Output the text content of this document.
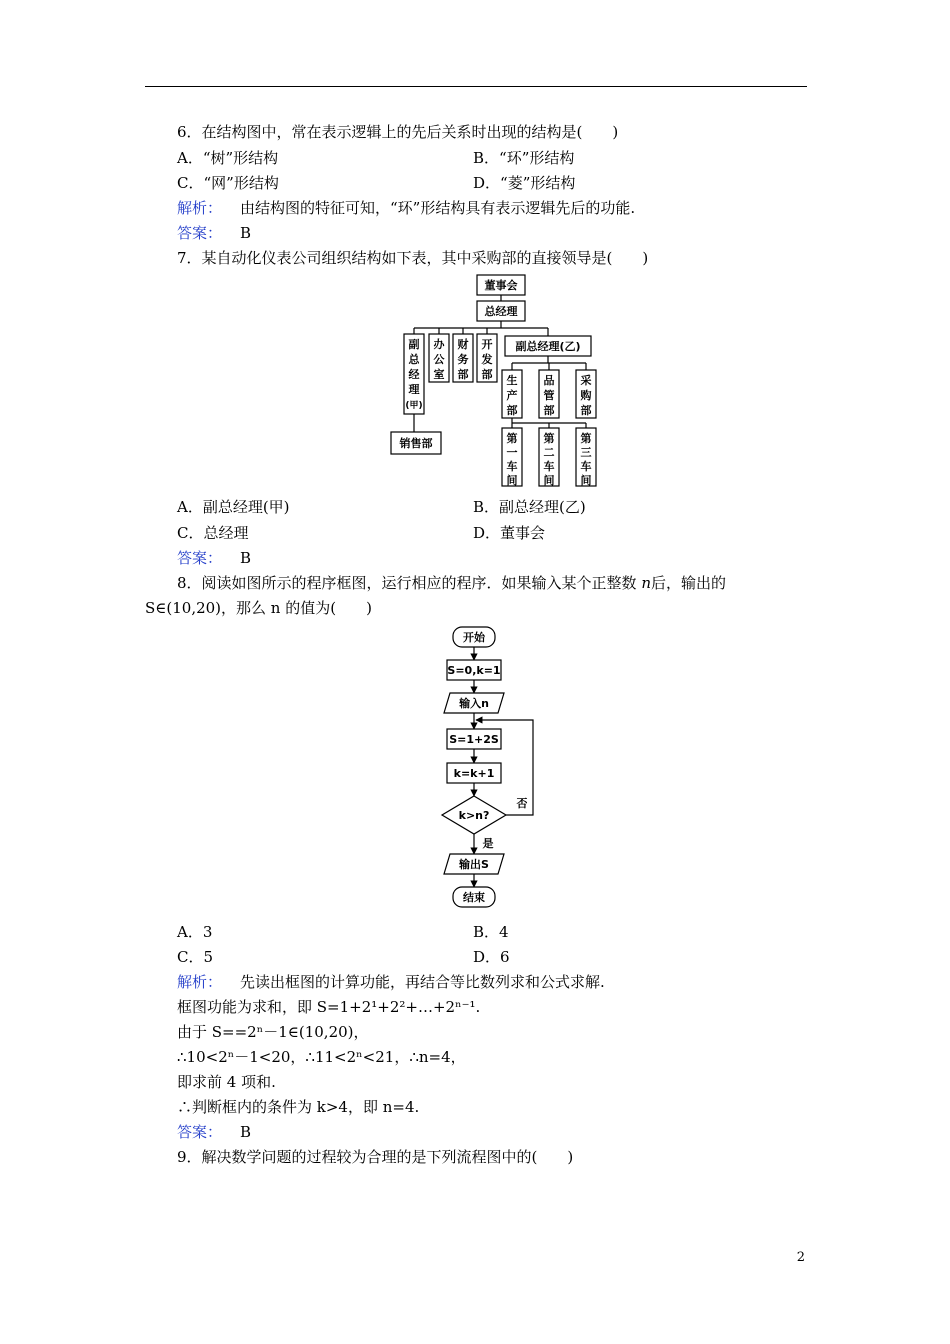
6．在结构图中，常在表示逻辑上的先后关系时出现的结构是(　　)
A．“树”形结构	B．“环”形结构
C．“网”形结构	D．“菱”形结构
解析： 由结构图的特征可知，“环”形结构具有表示逻辑先后的功能.
答案： B
7．某自动化仪表公司组织结构如下表，其中采购部的直接领导是(　　)
董事会
总经理
副总经理(乙)
销售部
副
总
经
理
(甲)
办
公
室
财
务
部
开
发
部 生
产
部
品
管
部
采
购
部
第
一
车
间
第
二
车
间
第
三
车
间
A．副总经理(甲)	B．副总经理(乙)
C．总经理	D．董事会
答案： B
8．阅读如图所示的程序框图，运行相应的程序．如果输入某个正整数 n后，输出的
S∈(10,20)，那么 n 的值为(　　)
开始
S=0,k=1
输入n
S=1+2S
k=k+1
k>n?
否
是
输出S
结束
A．3	B．4
C．5	D．6
解析： 先读出框图的计算功能，再结合等比数列求和公式求解.
框图功能为求和，即 S=1+2¹+2²+…+2ⁿ⁻¹.
由于 S==2ⁿ－1∈(10,20)，
∴10<2ⁿ－1<20，∴11<2ⁿ<21，∴n=4，
即求前 4 项和.
∴判断框内的条件为 k>4，即 n=4.
答案： B
9．解决数学问题的过程较为合理的是下列流程图中的(　　)
2
